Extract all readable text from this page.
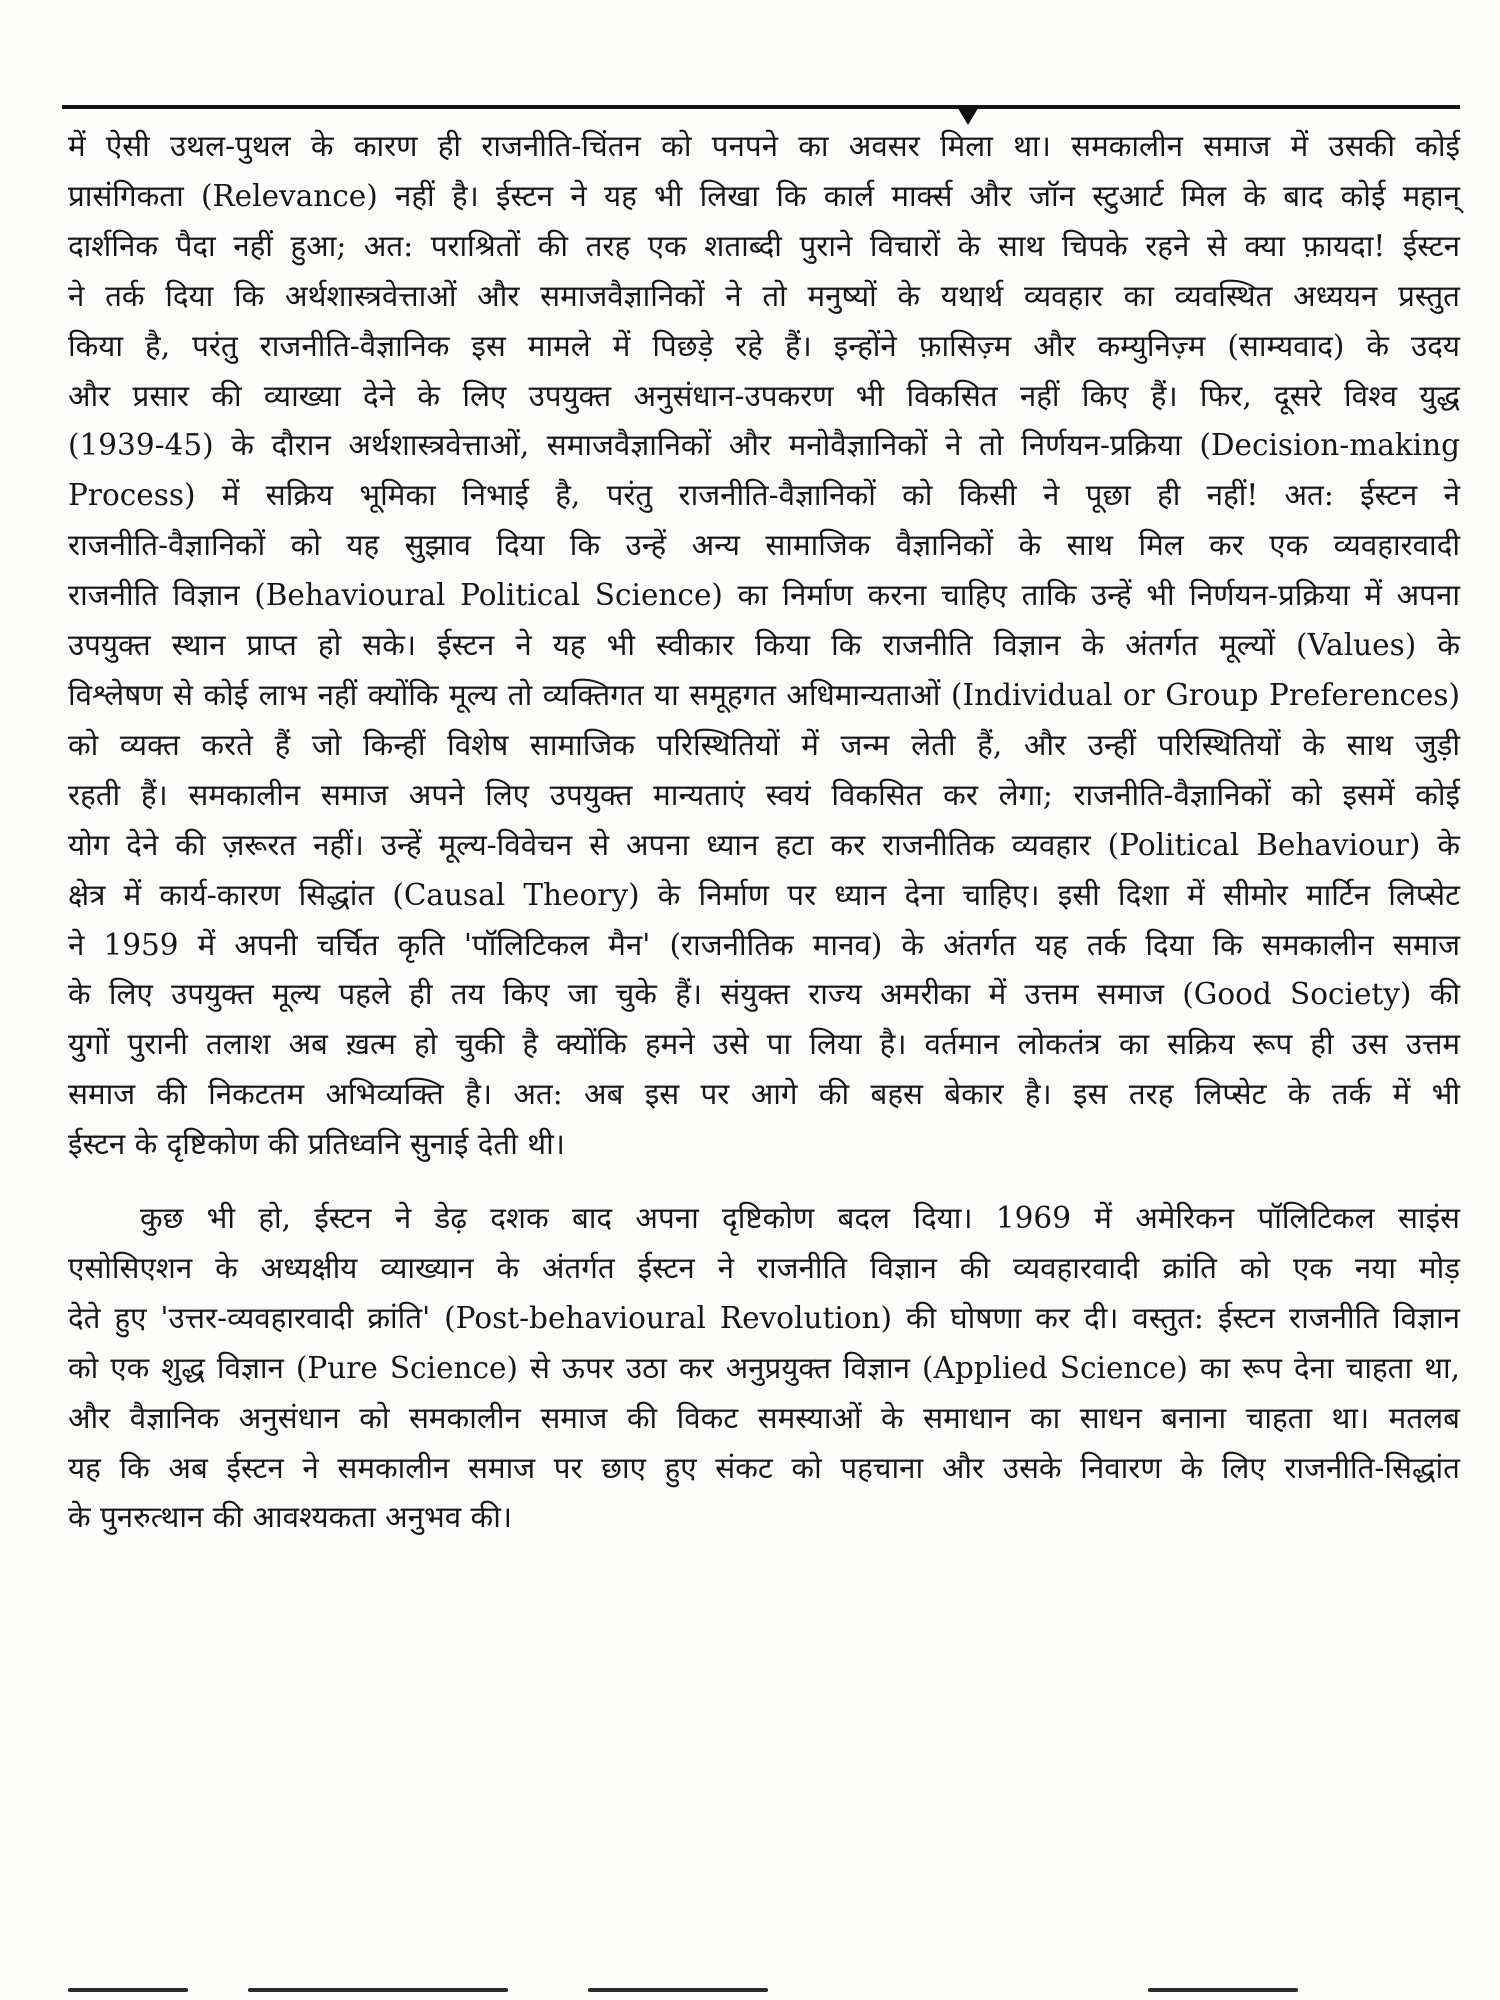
में ऐसी उथल-पुथल के कारण ही राजनीति-चिंतन को पनपने का अवसर मिला था। समकालीन समाज में उसकी कोई
प्रासंगिकता (Relevance) नहीं है। ईस्टन ने यह भी लिखा कि कार्ल मार्क्स और जॉन स्टुआर्ट मिल के बाद कोई महान्
दार्शनिक पैदा नहीं हुआ; अत: पराश्रितों की तरह एक शताब्दी पुराने विचारों के साथ चिपके रहने से क्या फ़ायदा! ईस्टन
ने तर्क दिया कि अर्थशास्त्रवेत्ताओं और समाजवैज्ञानिकों ने तो मनुष्यों के यथार्थ व्यवहार का व्यवस्थित अध्ययन प्रस्तुत
किया है, परंतु राजनीति-वैज्ञानिक इस मामले में पिछड़े रहे हैं। इन्होंने फ़ासिज़्म और कम्युनिज़्म (साम्यवाद) के उदय
और प्रसार की व्याख्या देने के लिए उपयुक्त अनुसंधान-उपकरण भी विकसित नहीं किए हैं। फिर, दूसरे विश्व युद्ध
(1939-45) के दौरान अर्थशास्त्रवेत्ताओं, समाजवैज्ञानिकों और मनोवैज्ञानिकों ने तो निर्णयन-प्रक्रिया (Decision-making
Process) में सक्रिय भूमिका निभाई है, परंतु राजनीति-वैज्ञानिकों को किसी ने पूछा ही नहीं! अत: ईस्टन ने
राजनीति-वैज्ञानिकों को यह सुझाव दिया कि उन्हें अन्य सामाजिक वैज्ञानिकों के साथ मिल कर एक व्यवहारवादी
राजनीति विज्ञान (Behavioural Political Science) का निर्माण करना चाहिए ताकि उन्हें भी निर्णयन-प्रक्रिया में अपना
उपयुक्त स्थान प्राप्त हो सके। ईस्टन ने यह भी स्वीकार किया कि राजनीति विज्ञान के अंतर्गत मूल्यों (Values) के
विश्लेषण से कोई लाभ नहीं क्योंकि मूल्य तो व्यक्तिगत या समूहगत अधिमान्यताओं (Individual or Group Preferences)
को व्यक्त करते हैं जो किन्हीं विशेष सामाजिक परिस्थितियों में जन्म लेती हैं, और उन्हीं परिस्थितियों के साथ जुड़ी
रहती हैं। समकालीन समाज अपने लिए उपयुक्त मान्यताएं स्वयं विकसित कर लेगा; राजनीति-वैज्ञानिकों को इसमें कोई
योग देने की ज़रूरत नहीं। उन्हें मूल्य-विवेचन से अपना ध्यान हटा कर राजनीतिक व्यवहार (Political Behaviour) के
क्षेत्र में कार्य-कारण सिद्धांत (Causal Theory) के निर्माण पर ध्यान देना चाहिए। इसी दिशा में सीमोर मार्टिन लिप्सेट
ने 1959 में अपनी चर्चित कृति 'पॉलिटिकल मैन' (राजनीतिक मानव) के अंतर्गत यह तर्क दिया कि समकालीन समाज
के लिए उपयुक्त मूल्य पहले ही तय किए जा चुके हैं। संयुक्त राज्य अमरीका में उत्तम समाज (Good Society) की
युगों पुरानी तलाश अब ख़त्म हो चुकी है क्योंकि हमने उसे पा लिया है। वर्तमान लोकतंत्र का सक्रिय रूप ही उस उत्तम
समाज की निकटतम अभिव्यक्ति है। अत: अब इस पर आगे की बहस बेकार है। इस तरह लिप्सेट के तर्क में भी
ईस्टन के दृष्टिकोण की प्रतिध्वनि सुनाई देती थी।

कुछ भी हो, ईस्टन ने डेढ़ दशक बाद अपना दृष्टिकोण बदल दिया। 1969 में अमेरिकन पॉलिटिकल साइंस
एसोसिएशन के अध्यक्षीय व्याख्यान के अंतर्गत ईस्टन ने राजनीति विज्ञान की व्यवहारवादी क्रांति को एक नया मोड़
देते हुए 'उत्तर-व्यवहारवादी क्रांति' (Post-behavioural Revolution) की घोषणा कर दी। वस्तुत: ईस्टन राजनीति विज्ञान
को एक शुद्ध विज्ञान (Pure Science) से ऊपर उठा कर अनुप्रयुक्त विज्ञान (Applied Science) का रूप देना चाहता था,
और वैज्ञानिक अनुसंधान को समकालीन समाज की विकट समस्याओं के समाधान का साधन बनाना चाहता था। मतलब
यह कि अब ईस्टन ने समकालीन समाज पर छाए हुए संकट को पहचाना और उसके निवारण के लिए राजनीति-सिद्धांत
के पुनरुत्थान की आवश्यकता अनुभव की।
